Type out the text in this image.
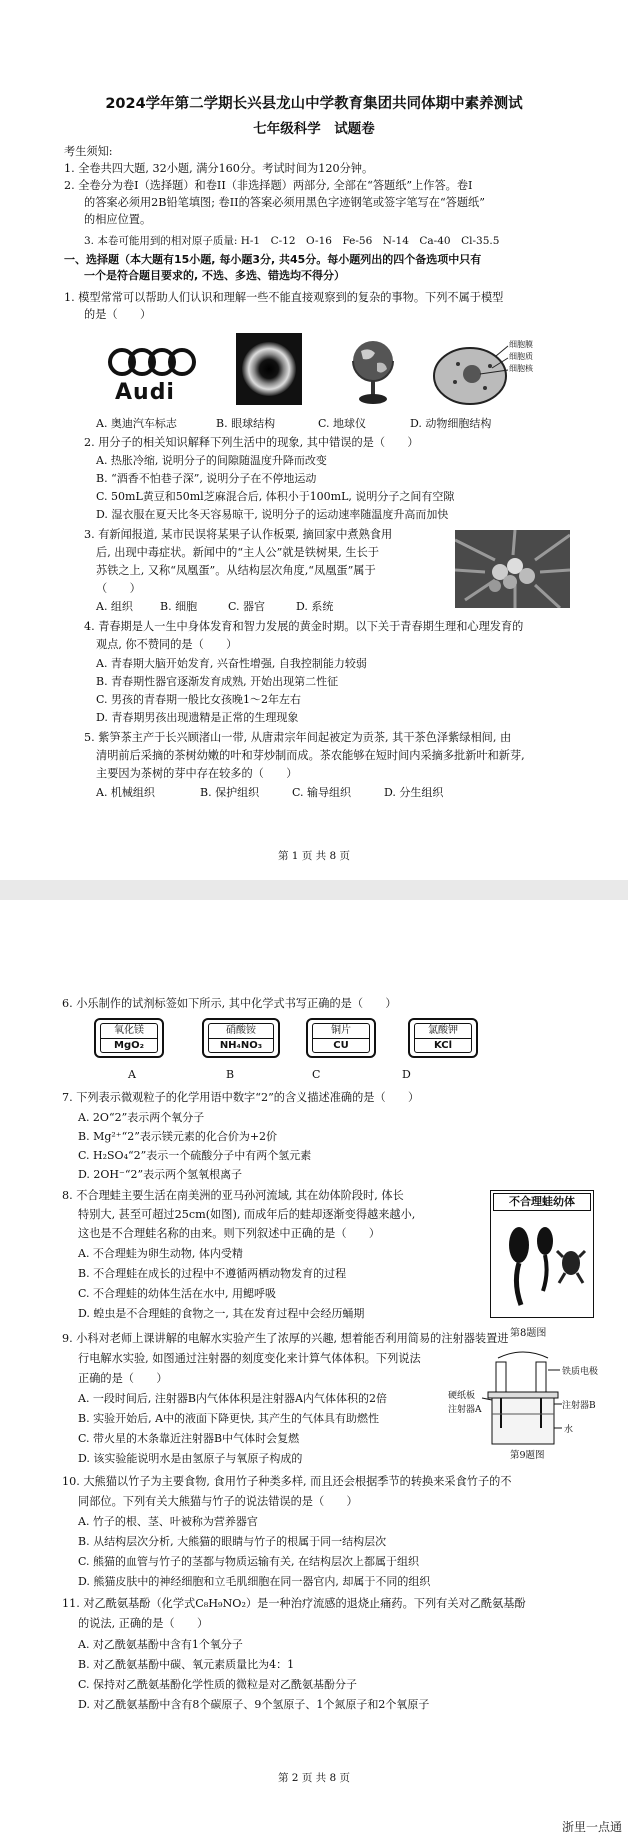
2024学年第二学期长兴县龙山中学教育集团共同体期中素养测试
七年级科学　试题卷
考生须知:
1. 全卷共四大题, 32小题, 满分160分。考试时间为120分钟。
2. 全卷分为卷I（选择题）和卷II（非选择题）两部分, 全部在“答题纸”上作答。卷I
的答案必须用2B铅笔填图; 卷II的答案必须用黑色字迹钢笔或签字笔写在“答题纸”
的相应位置。
3. 本卷可能用到的相对原子质量: H-1　C-12　O-16　Fe-56　N-14　Ca-40　Cl-35.5
一、选择题（本大题有15小题, 每小题3分, 共45分。每小题列出的四个备选项中只有
一个是符合题目要求的, 不选、多选、错选均不得分）
1. 模型常常可以帮助人们认识和理解一些不能直接观察到的复杂的事物。下列不属于模型
的是（　　）
Audi
细胞膜
细胞质
细胞核
A. 奥迪汽车标志	B. 眼球结构	C. 地球仪	D. 动物细胞结构
2. 用分子的相关知识解释下列生活中的现象, 其中错误的是（　　）
A. 热胀冷缩, 说明分子的间隙随温度升降而改变
B. “酒香不怕巷子深”, 说明分子在不停地运动
C. 50mL黄豆和50ml芝麻混合后, 体积小于100mL, 说明分子之间有空隙
D. 湿衣服在夏天比冬天容易晾干, 说明分子的运动速率随温度升高而加快
3. 有新闻报道, 某市民误将某果子认作板栗, 摘回家中煮熟食用
后, 出现中毒症状。新闻中的“主人公”就是铁树果, 生长于
苏铁之上, 又称“凤凰蛋”。从结构层次角度,“凤凰蛋”属于
（　　）
A. 组织 B. 细胞	C. 器官	D. 系统
4. 青春期是人一生中身体发育和智力发展的黄金时期。以下关于青春期生理和心理发育的
观点, 你不赞同的是（　　）
A. 青春期大脑开始发育, 兴奋性增强, 自我控制能力较弱
B. 青春期性器官逐渐发育成熟, 开始出现第二性征
C. 男孩的青春期一般比女孩晚1～2年左右
D. 青春期男孩出现遗精是正常的生理现象
5. 紫笋茶主产于长兴顾渚山一带, 从唐肃宗年间起被定为贡茶, 其干茶色泽紫绿相间, 由
清明前后采摘的茶树幼嫩的叶和芽炒制而成。茶农能够在短时间内采摘多批新叶和新芽,
主要因为茶树的芽中存在较多的（　　）
A. 机械组织	B. 保护组织	C. 输导组织	D. 分生组织
第 1 页 共 8 页
6. 小乐制作的试剂标签如下所示, 其中化学式书写正确的是（　　）
氧化镁
MgO₂
硝酸铵
NH₄NO₃
铜片
CU
氯酸钾
KCl
A	B	C	D
7. 下列表示微观粒子的化学用语中数字“2”的含义描述准确的是（　　）
A. 2O“2”表示两个氧分子
B. Mg²⁺“2”表示镁元素的化合价为+2价
C. H₂SO₄“2”表示一个硫酸分子中有两个氢元素
D. 2OH⁻“2”表示两个氢氧根离子
8. 不合理蛙主要生活在南美洲的亚马孙河流域, 其在幼体阶段时, 体长
特别大, 甚至可超过25cm(如图), 而成年后的蛙却逐渐变得越来越小,
这也是不合理蛙名称的由来。则下列叙述中正确的是（　　）
不合理蛙幼体
第8题图
A. 不合理蛙为卵生动物, 体内受精
B. 不合理蛙在成长的过程中不遵循两栖动物发育的过程
C. 不合理蛙的幼体生活在水中, 用鳃呼吸
D. 蝗虫是不合理蛙的食物之一, 其在发育过程中会经历蛹期
9. 小科对老师上课讲解的电解水实验产生了浓厚的兴趣, 想着能否利用简易的注射器装置进
行电解水实验, 如图通过注射器的刻度变化来计算气体体积。下列说法
正确的是（　　）	铁质电极
硬纸板
注射器A	注射器B
水
第9题图
A. 一段时间后, 注射器B内气体体积是注射器A内气体体积的2倍
B. 实验开始后, A中的液面下降更快, 其产生的气体具有助燃性
C. 带火星的木条靠近注射器B中气体时会复燃
D. 该实验能说明水是由氢原子与氧原子构成的
10. 大熊猫以竹子为主要食物, 食用竹子种类多样, 而且还会根据季节的转换来采食竹子的不
同部位。下列有关大熊猫与竹子的说法错误的是（　　）
A. 竹子的根、茎、叶被称为营养器官
B. 从结构层次分析, 大熊猫的眼睛与竹子的根属于同一结构层次
C. 熊猫的血管与竹子的茎都与物质运输有关, 在结构层次上都属于组织
D. 熊猫皮肤中的神经细胞和立毛肌细胞在同一器官内, 却属于不同的组织
11. 对乙酰氨基酚（化学式C₈H₉NO₂）是一种治疗流感的退烧止痛药。下列有关对乙酰氨基酚
的说法, 正确的是（　　）
A. 对乙酰氨基酚中含有1个氧分子
B. 对乙酰氨基酚中碳、氧元素质量比为4：1
C. 保持对乙酰氨基酚化学性质的微粒是对乙酰氨基酚分子
D. 对乙酰氨基酚中含有8个碳原子、9个氢原子、1个氮原子和2个氧原子
第 2 页 共 8 页
浙里一点通
